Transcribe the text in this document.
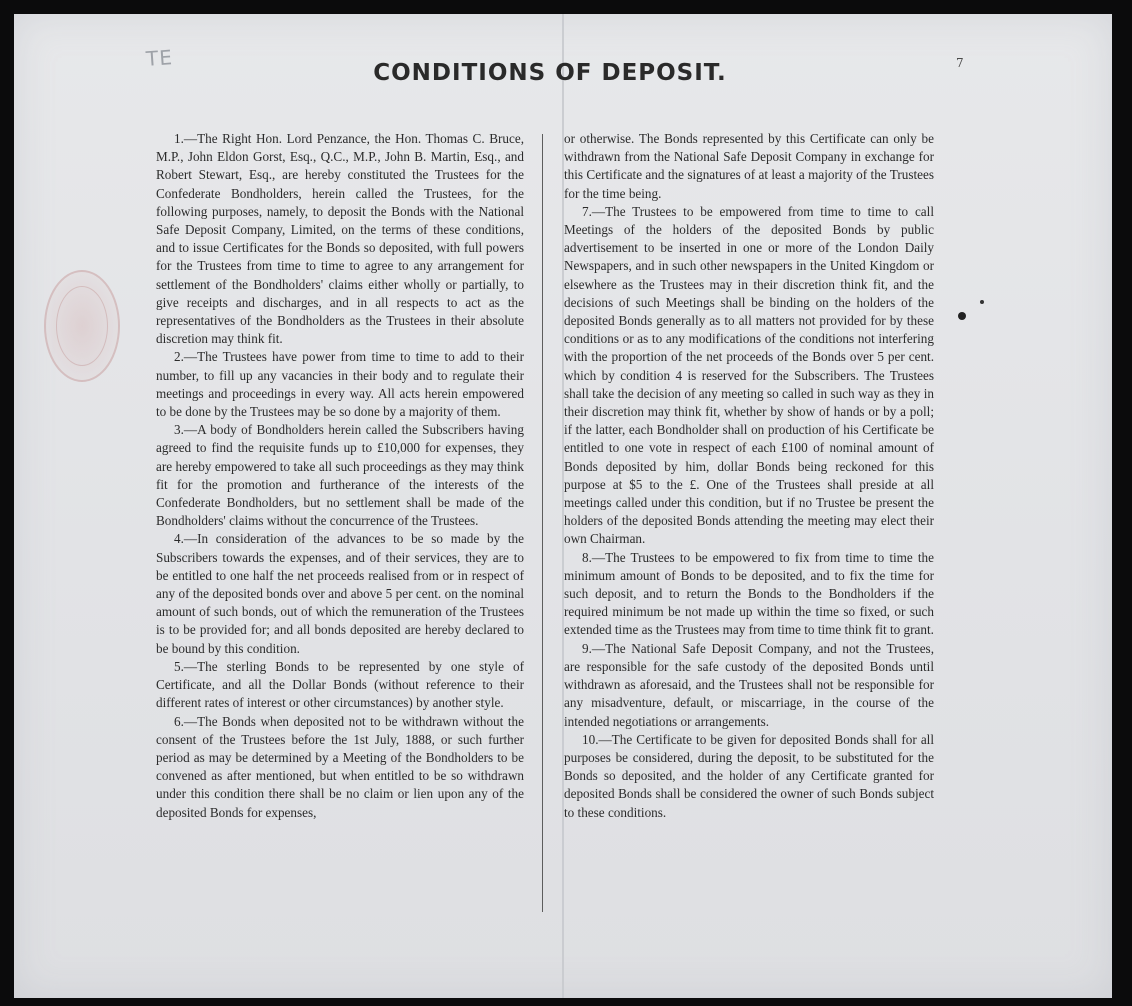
TE	7
CONDITIONS OF DEPOSIT.

1.—The Right Hon. Lord Penzance, the Hon. Thomas C. Bruce, M.P., John Eldon Gorst, Esq., Q.C., M.P., John B. Martin, Esq., and Robert Stewart, Esq., are hereby constituted the Trustees for the Confederate Bondholders, herein called the Trustees, for the following purposes, namely, to deposit the Bonds with the National Safe Deposit Company, Limited, on the terms of these conditions, and to issue Certificates for the Bonds so deposited, with full powers for the Trustees from time to time to agree to any arrangement for settlement of the Bondholders' claims either wholly or partially, to give receipts and discharges, and in all respects to act as the representatives of the Bondholders as the Trustees in their absolute discretion may think fit.

2.—The Trustees have power from time to time to add to their number, to fill up any vacancies in their body and to regulate their meetings and proceedings in every way. All acts herein empowered to be done by the Trustees may be so done by a majority of them.

3.—A body of Bondholders herein called the Subscribers having agreed to find the requisite funds up to £10,000 for expenses, they are hereby empowered to take all such proceedings as they may think fit for the promotion and furtherance of the interests of the Confederate Bondholders, but no settlement shall be made of the Bondholders' claims without the concurrence of the Trustees.

4.—In consideration of the advances to be so made by the Subscribers towards the expenses, and of their services, they are to be entitled to one half the net proceeds realised from or in respect of any of the deposited bonds over and above 5 per cent. on the nominal amount of such bonds, out of which the remuneration of the Trustees is to be provided for; and all bonds deposited are hereby declared to be bound by this condition.

5.—The sterling Bonds to be represented by one style of Certificate, and all the Dollar Bonds (without reference to their different rates of interest or other circumstances) by another style.

6.—The Bonds when deposited not to be withdrawn without the consent of the Trustees before the 1st July, 1888, or such further period as may be determined by a Meeting of the Bondholders to be convened as after mentioned, but when entitled to be so withdrawn under this condition there shall be no claim or lien upon any of the deposited Bonds for expenses,

or otherwise. The Bonds represented by this Certificate can only be withdrawn from the National Safe Deposit Company in exchange for this Certificate and the signatures of at least a majority of the Trustees for the time being.

7.—The Trustees to be empowered from time to time to call Meetings of the holders of the deposited Bonds by public advertisement to be inserted in one or more of the London Daily Newspapers, and in such other newspapers in the United Kingdom or elsewhere as the Trustees may in their discretion think fit, and the decisions of such Meetings shall be binding on the holders of the deposited Bonds generally as to all matters not provided for by these conditions or as to any modifications of the conditions not interfering with the proportion of the net proceeds of the Bonds over 5 per cent. which by condition 4 is reserved for the Subscribers. The Trustees shall take the decision of any meeting so called in such way as they in their discretion may think fit, whether by show of hands or by a poll; if the latter, each Bondholder shall on production of his Certificate be entitled to one vote in respect of each £100 of nominal amount of Bonds deposited by him, dollar Bonds being reckoned for this purpose at $5 to the £. One of the Trustees shall preside at all meetings called under this condition, but if no Trustee be present the holders of the deposited Bonds attending the meeting may elect their own Chairman.

8.—The Trustees to be empowered to fix from time to time the minimum amount of Bonds to be deposited, and to fix the time for such deposit, and to return the Bonds to the Bondholders if the required minimum be not made up within the time so fixed, or such extended time as the Trustees may from time to time think fit to grant.

9.—The National Safe Deposit Company, and not the Trustees, are responsible for the safe custody of the deposited Bonds until withdrawn as aforesaid, and the Trustees shall not be responsible for any misadventure, default, or miscarriage, in the course of the intended negotiations or arrangements.

10.—The Certificate to be given for deposited Bonds shall for all purposes be considered, during the deposit, to be substituted for the Bonds so deposited, and the holder of any Certificate granted for deposited Bonds shall be considered the owner of such Bonds subject to these conditions.
